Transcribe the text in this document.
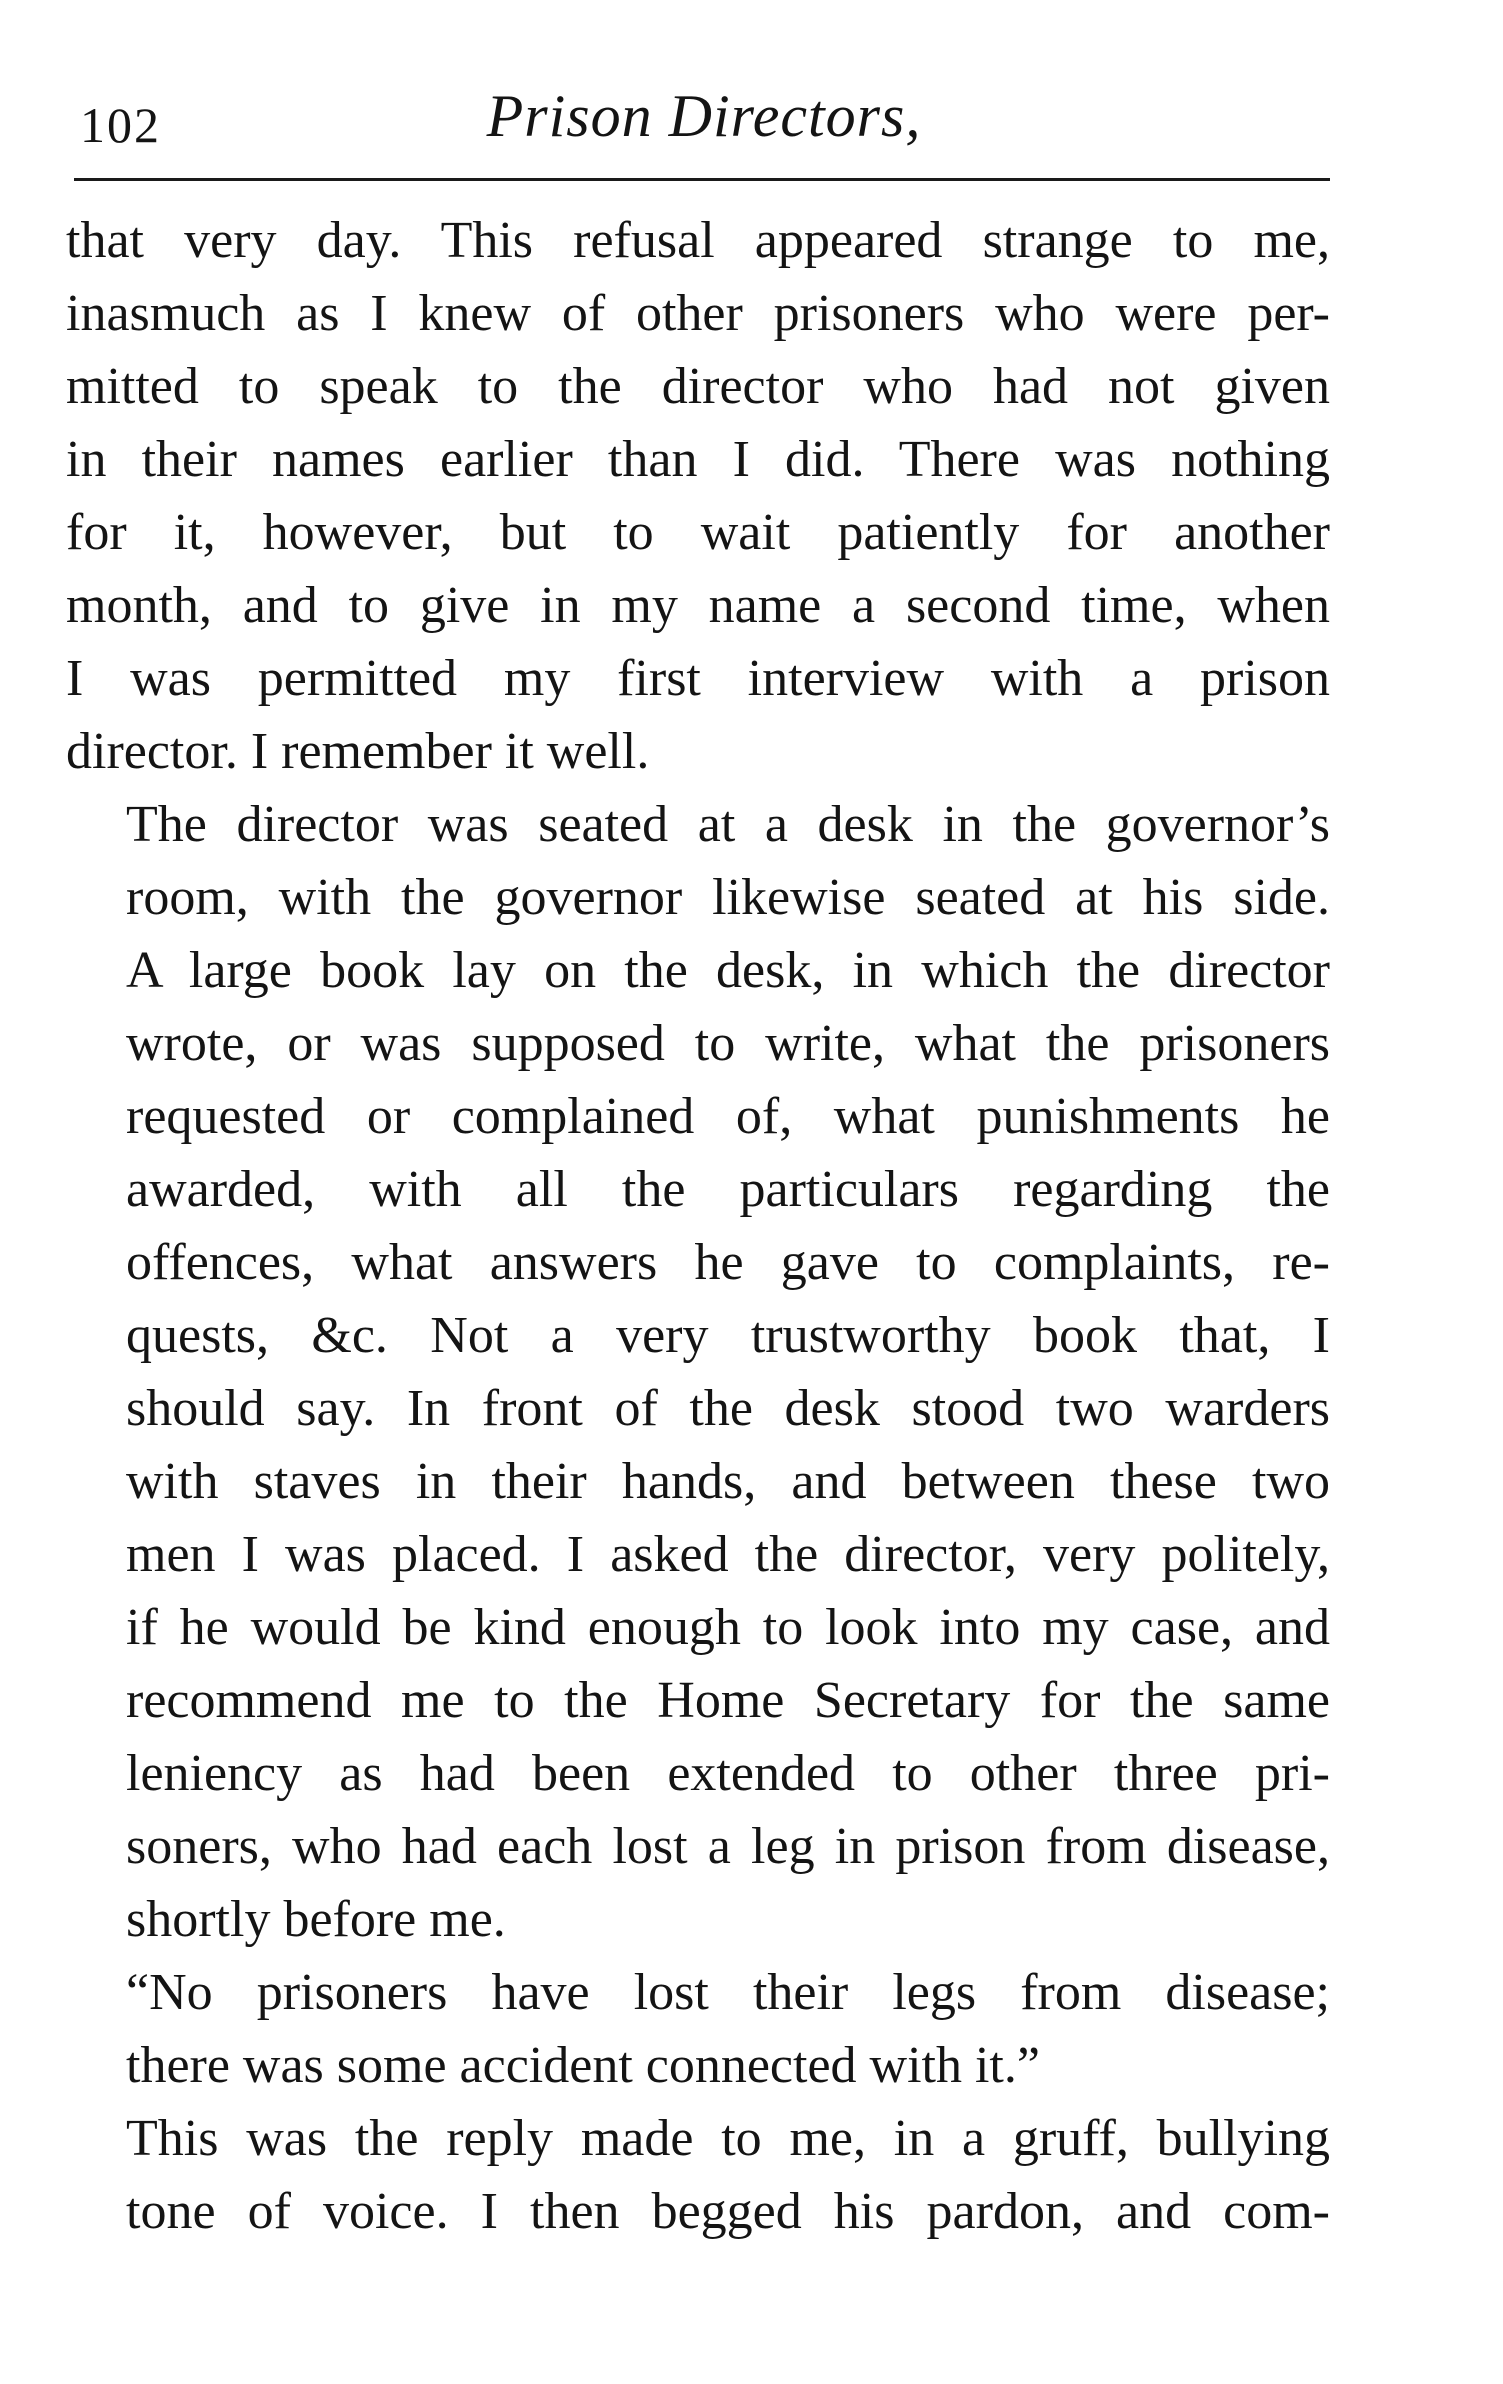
102	Prison Directors,

that very day. This refusal appeared strange to me,
inasmuch as I knew of other prisoners who were per-
mitted to speak to the director who had not given
in their names earlier than I did. There was nothing
for it, however, but to wait patiently for another
month, and to give in my name a second time, when
I was permitted my first interview with a prison
director. I remember it well.

The director was seated at a desk in the governor’s
room, with the governor likewise seated at his side.
A large book lay on the desk, in which the director
wrote, or was supposed to write, what the prisoners
requested or complained of, what punishments he
awarded, with all the particulars regarding the
offences, what answers he gave to complaints, re-
quests, &c. Not a very trustworthy book that, I
should say. In front of the desk stood two warders
with staves in their hands, and between these two
men I was placed. I asked the director, very politely,
if he would be kind enough to look into my case, and
recommend me to the Home Secretary for the same
leniency as had been extended to other three pri-
soners, who had each lost a leg in prison from disease,
shortly before me.

“No prisoners have lost their legs from disease;
there was some accident connected with it.”

This was the reply made to me, in a gruff, bullying
tone of voice. I then begged his pardon, and com-
